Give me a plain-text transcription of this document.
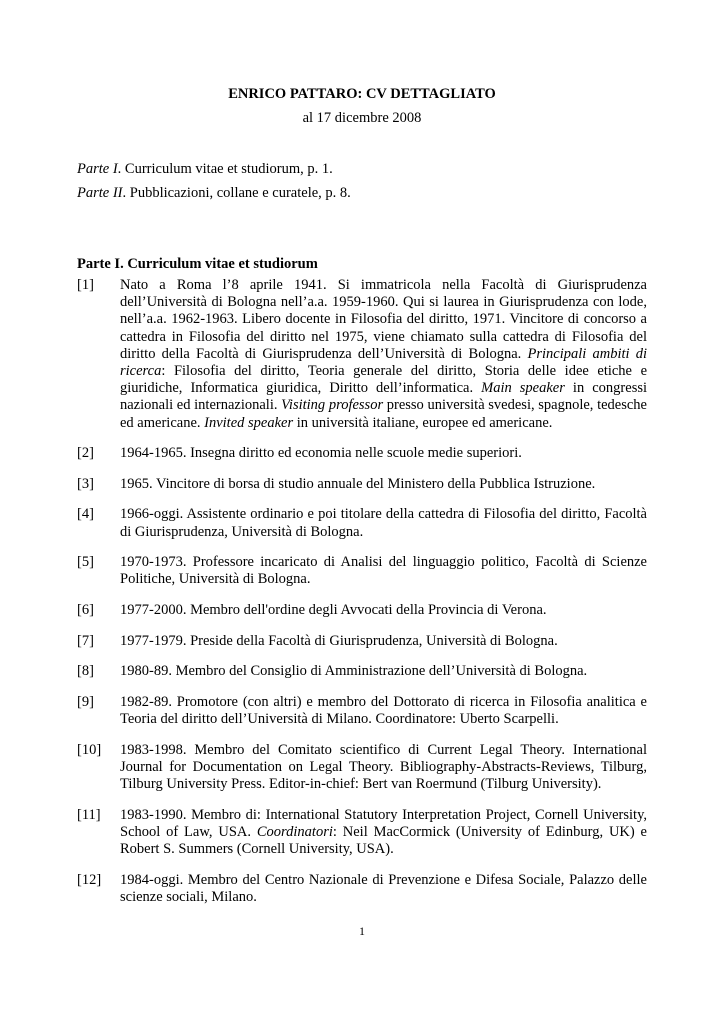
ENRICO PATTARO: CV DETTAGLIATO
al 17 dicembre 2008
Parte I. Curriculum vitae et studiorum, p. 1.
Parte II. Pubblicazioni, collane e curatele, p. 8.
Parte I. Curriculum vitae et studiorum
[1]	Nato a Roma l’8 aprile 1941. Si immatricola nella Facoltà di Giurisprudenza dell’Università di Bologna nell’a.a. 1959-1960. Qui si laurea in Giurisprudenza con lode, nell’a.a. 1962-1963. Libero docente in Filosofia del diritto, 1971. Vincitore di concorso a cattedra in Filosofia del diritto nel 1975, viene chiamato sulla cattedra di Filosofia del diritto della Facoltà di Giurisprudenza dell’Università di Bologna. Principali ambiti di ricerca: Filosofia del diritto, Teoria generale del diritto, Storia delle idee etiche e giuridiche, Informatica giuridica, Diritto dell’informatica. Main speaker in congressi nazionali ed internazionali. Visiting professor presso università svedesi, spagnole, tedesche ed americane. Invited speaker in università italiane, europee ed americane.
[2]	1964-1965. Insegna diritto ed economia nelle scuole medie superiori.
[3]	1965. Vincitore di borsa di studio annuale del Ministero della Pubblica Istruzione.
[4]	1966-oggi. Assistente ordinario e poi titolare della cattedra di Filosofia del diritto, Facoltà di Giurisprudenza, Università di Bologna.
[5]	1970-1973. Professore incaricato di Analisi del linguaggio politico, Facoltà di Scienze Politiche, Università di Bologna.
[6]	1977-2000. Membro dell'ordine degli Avvocati della Provincia di Verona.
[7]	1977-1979. Preside della Facoltà di Giurisprudenza, Università di Bologna.
[8]	1980-89. Membro del Consiglio di Amministrazione dell’Università di Bologna.
[9]	1982-89. Promotore (con altri) e membro del Dottorato di ricerca in Filosofia analitica e Teoria del diritto dell’Università di Milano. Coordinatore: Uberto Scarpelli.
[10]	1983-1998. Membro del Comitato scientifico di Current Legal Theory. International Journal for Documentation on Legal Theory. Bibliography-Abstracts-Reviews, Tilburg, Tilburg University Press. Editor-in-chief: Bert van Roermund (Tilburg University).
[11]	1983-1990. Membro di: International Statutory Interpretation Project, Cornell University, School of Law, USA. Coordinatori: Neil MacCormick (University of Edinburg, UK) e Robert S. Summers (Cornell University, USA).
[12]	1984-oggi. Membro del Centro Nazionale di Prevenzione e Difesa Sociale, Palazzo delle scienze sociali, Milano.
1
